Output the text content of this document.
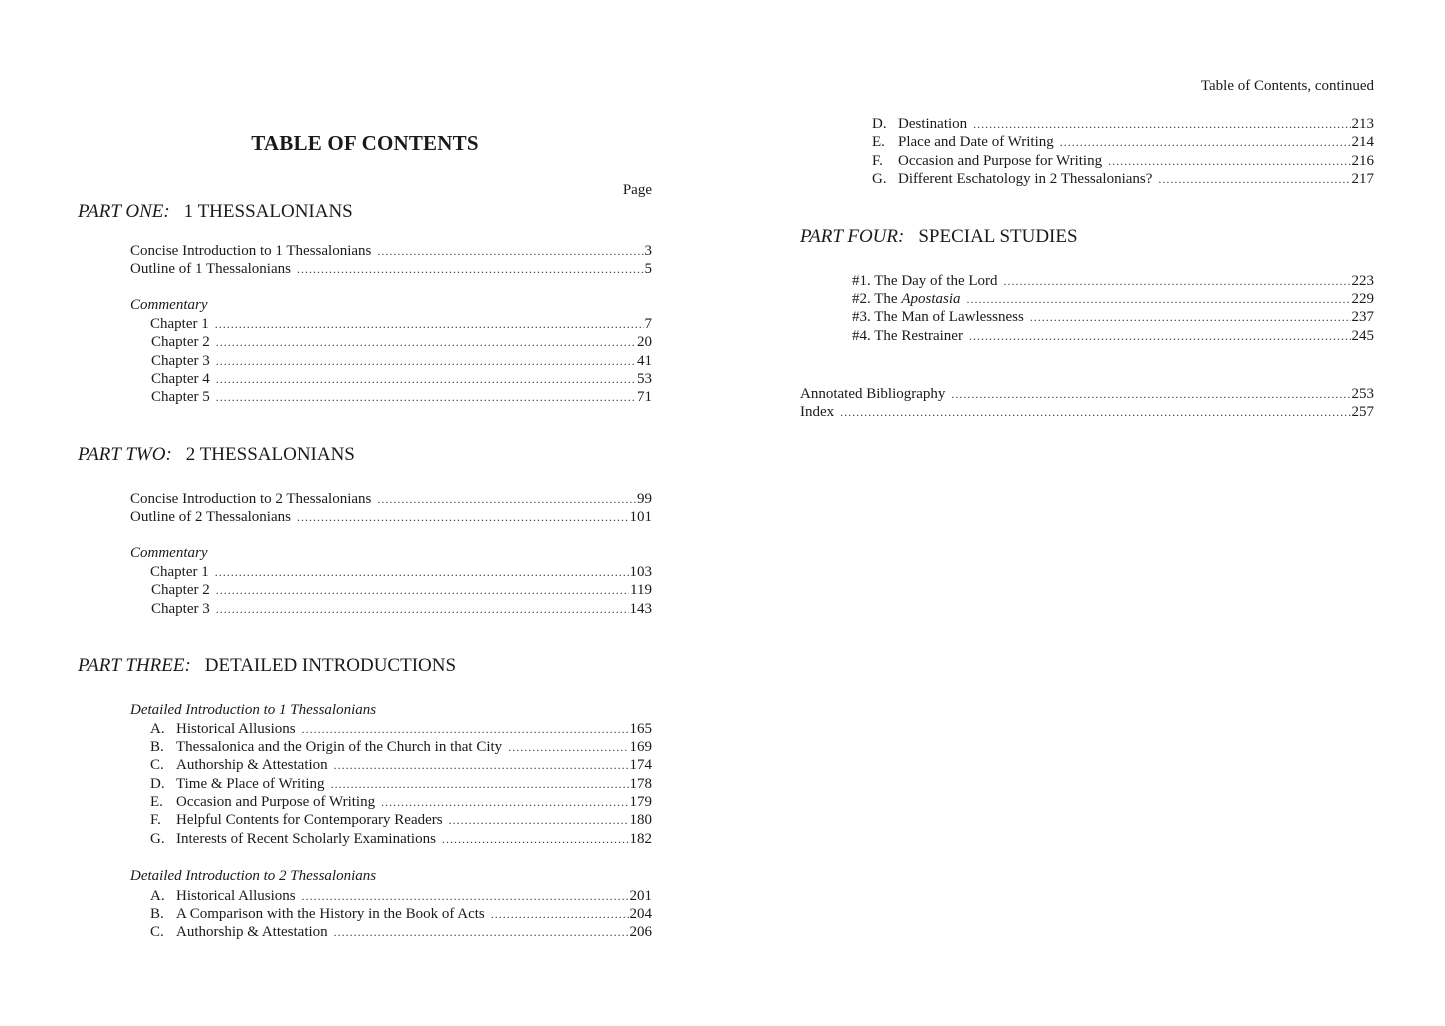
TABLE OF CONTENTS
Page
PART ONE: 1 THESSALONIANS
Concise Introduction to 1 Thessalonians .....	3
Outline of 1 Thessalonians .....	5
Commentary
Chapter 1 .....	7
Chapter 2 .....	20
Chapter 3 .....	41
Chapter 4 .....	53
Chapter 5 .....	71
PART TWO: 2 THESSALONIANS
Concise Introduction to 2 Thessalonians .....	99
Outline of 2 Thessalonians .....	101
Commentary
Chapter 1 .....	103
Chapter 2 .....	119
Chapter 3 .....	143
PART THREE: DETAILED INTRODUCTIONS
Detailed Introduction to 1 Thessalonians
A. Historical Allusions .....	165
B. Thessalonica and the Origin of the Church in that City .....	169
C. Authorship & Attestation .....	174
D. Time & Place of Writing .....	178
E. Occasion and Purpose of Writing .....	179
F. Helpful Contents for Contemporary Readers .....	180
G. Interests of Recent Scholarly Examinations .....	182
Detailed Introduction to 2 Thessalonians
A. Historical Allusions .....	201
B. A Comparison with the History in the Book of Acts .....	204
C. Authorship & Attestation .....	206
Table of Contents, continued
D. Destination .....	213
E. Place and Date of Writing .....	214
F. Occasion and Purpose for Writing .....	216
G. Different Eschatology in 2 Thessalonians? .....	217
PART FOUR: SPECIAL STUDIES
#1. The Day of the Lord .....	223
#2. The Apostasia .....	229
#3. The Man of Lawlessness .....	237
#4. The Restrainer .....	245
Annotated Bibliography .....	253
Index .....	257
